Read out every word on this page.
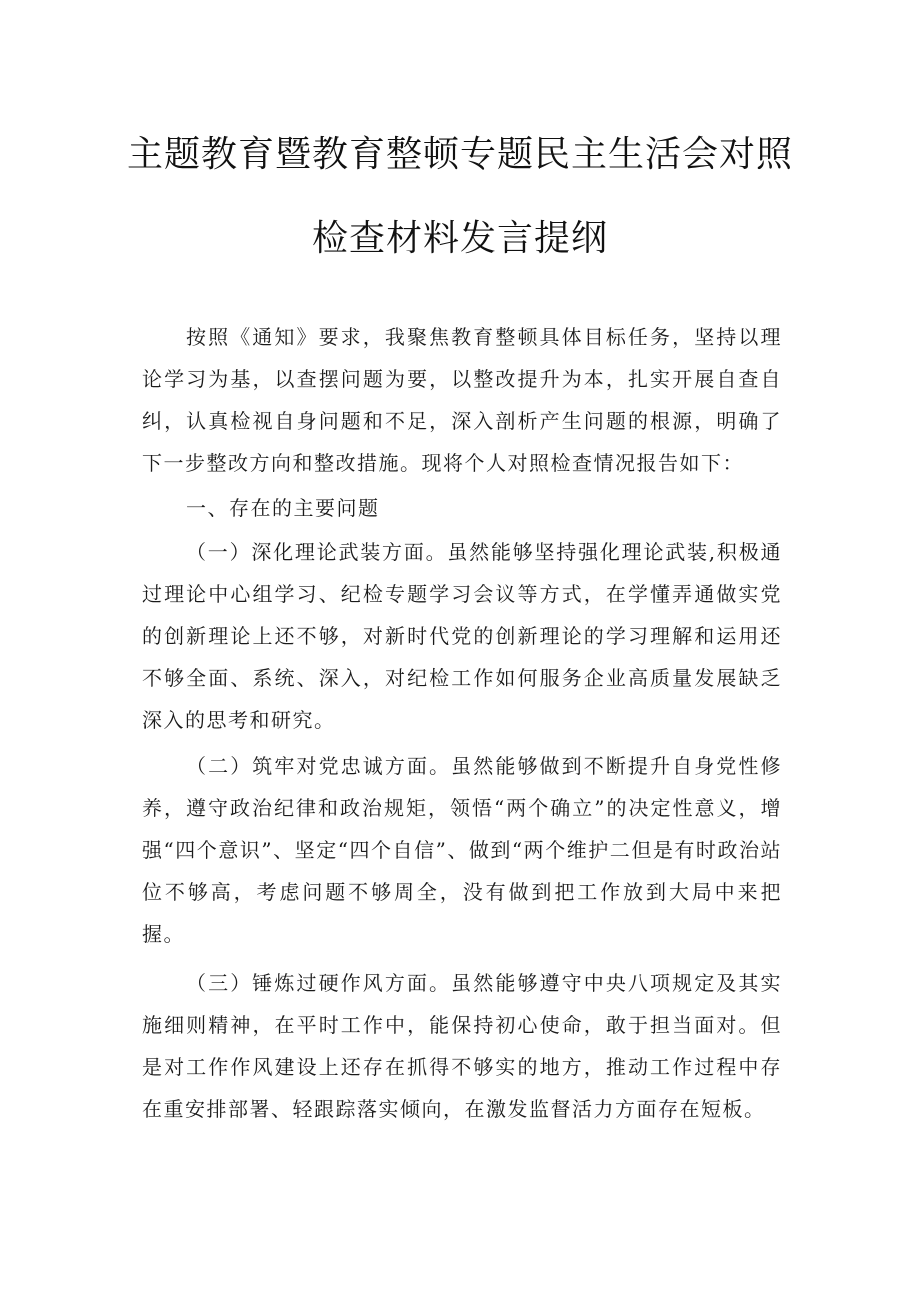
主题教育暨教育整顿专题民主生活会对照
检查材料发言提纲

按照《通知》要求，我聚焦教育整顿具体目标任务，坚持以理论学习为基，以查摆问题为要，以整改提升为本，扎实开展自查自纠，认真检视自身问题和不足，深入剖析产生问题的根源，明确了下一步整改方向和整改措施。现将个人对照检查情况报告如下：

一、存在的主要问题

（一）深化理论武装方面。虽然能够坚持强化理论武装,积极通过理论中心组学习、纪检专题学习会议等方式，在学懂弄通做实党的创新理论上还不够，对新时代党的创新理论的学习理解和运用还不够全面、系统、深入，对纪检工作如何服务企业高质量发展缺乏深入的思考和研究。

（二）筑牢对党忠诚方面。虽然能够做到不断提升自身党性修养，遵守政治纪律和政治规矩，领悟“两个确立”的决定性意义，增强“四个意识”、坚定“四个自信”、做到“两个维护二但是有时政治站位不够高，考虑问题不够周全，没有做到把工作放到大局中来把握。

（三）锤炼过硬作风方面。虽然能够遵守中央八项规定及其实施细则精神，在平时工作中，能保持初心使命，敢于担当面对。但是对工作作风建设上还存在抓得不够实的地方，推动工作过程中存在重安排部署、轻跟踪落实倾向，在激发监督活力方面存在短板。
